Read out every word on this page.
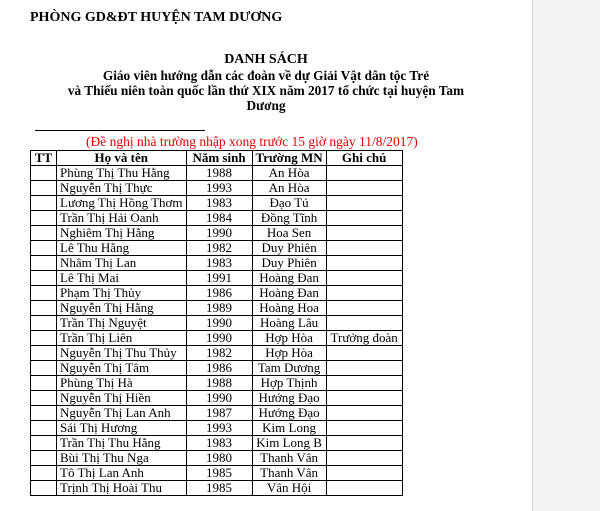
PHÒNG GD&ĐT HUYỆN TAM DƯƠNG
DANH SÁCH
Giáo viên hướng dẫn các đoàn về dự Giải Vật dân tộc Trẻ
và Thiếu niên toàn quốc lần thứ XIX năm 2017 tổ chức tại huyện Tam
Dương
(Đề nghị nhà trường nhập xong trước 15 giờ ngày 11/8/2017)
TT	Họ và tên	Năm sinh	Trường MN	Ghi chú
	Phùng Thị Thu Hằng	1988	An Hòa	
	Nguyễn Thị Thực	1993	An Hòa	
	Lương Thị Hồng Thơm	1983	Đạo Tú	
	Trần Thị Hải Oanh	1984	Đồng Tĩnh	
	Nghiêm Thị Hằng	1990	Hoa Sen	
	Lê Thu Hằng	1982	Duy Phiên	
	Nhâm Thị Lan	1983	Duy Phiên	
	Lê Thị Mai	1991	Hoàng Đan	
	Phạm Thị Thủy	1986	Hoàng Đan	
	Nguyễn Thị Hằng	1989	Hoàng Hoa	
	Trần Thị Nguyệt	1990	Hoàng Lâu	
	Trần Thị Liên	1990	Hợp Hòa	Trưởng đoàn
	Nguyễn Thị Thu Thủy	1982	Hợp Hòa	
	Nguyễn Thị Tâm	1986	Tam Dương	
	Phùng Thị Hà	1988	Hợp Thịnh	
	Nguyễn Thị Hiền	1990	Hướng Đạo	
	Nguyễn Thị Lan Anh	1987	Hướng Đạo	
	Sái Thị Hương	1993	Kim Long	
	Trần Thị Thu Hằng	1983	Kim Long B	
	Bùi Thị Thu Nga	1980	Thanh Vân	
	Tô Thị Lan Anh	1985	Thanh Vân	
	Trịnh Thị Hoài Thu	1985	Vân Hội	
